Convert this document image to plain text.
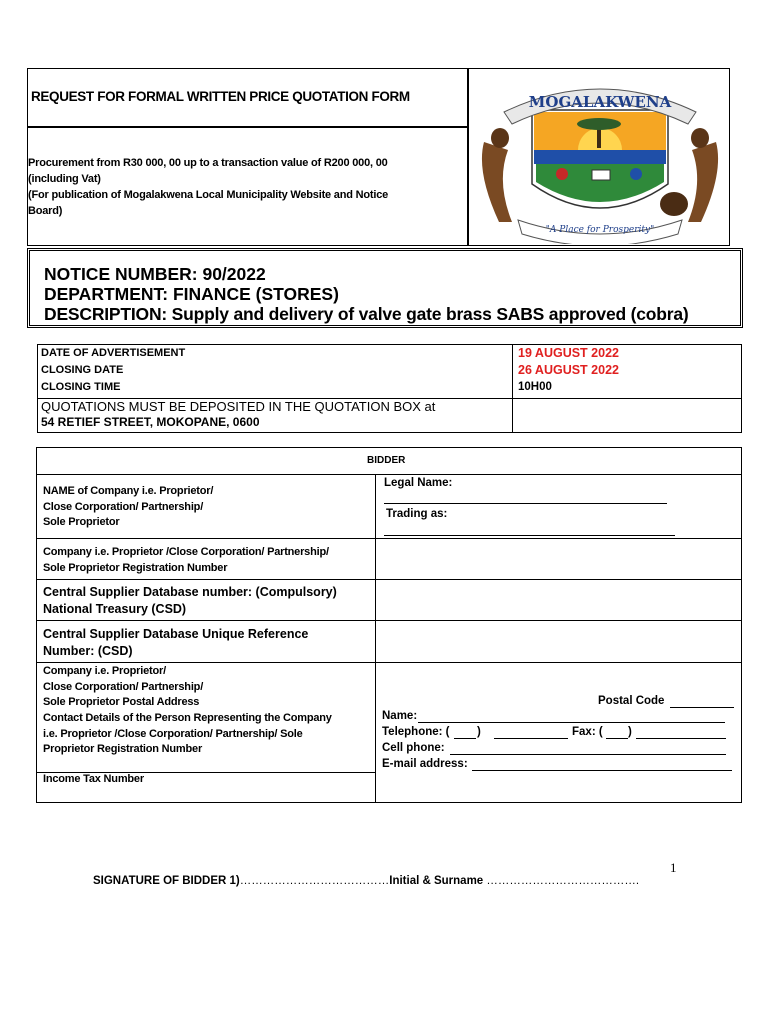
REQUEST FOR FORMAL WRITTEN PRICE QUOTATION FORM
Procurement from R30 000, 00 up to a transaction value of R200 000, 00
(including Vat)
(For publication of Mogalakwena Local Municipality Website and Notice
Board)
MOGALAKWENA
"A Place for Prosperity"
NOTICE NUMBER: 90/2022
DEPARTMENT: FINANCE (STORES)
DESCRIPTION: Supply and delivery of valve gate brass SABS approved (cobra)
DATE OF ADVERTISEMENT
CLOSING DATE
CLOSING TIME
19 AUGUST 2022
26 AUGUST 2022
10H00
QUOTATIONS MUST BE DEPOSITED IN THE QUOTATION BOX at
54 RETIEF STREET, MOKOPANE, 0600
BIDDER
NAME of Company i.e. Proprietor/
Close Corporation/ Partnership/
Sole Proprietor
Legal Name:
Trading as:
Company i.e. Proprietor /Close Corporation/ Partnership/
Sole Proprietor Registration Number
Central Supplier Database number: (Compulsory)
National Treasury (CSD)
Central Supplier Database Unique Reference
Number: (CSD)
Company i.e. Proprietor/
Close Corporation/ Partnership/
Sole Proprietor Postal Address
Contact Details of the Person Representing the Company
i.e. Proprietor /Close Corporation/ Partnership/ Sole
Proprietor Registration Number
Postal Code
Name:
Telephone: ( )	Fax: ( )
Cell phone:
E-mail address:
Income Tax Number
1
SIGNATURE OF BIDDER 1)…………………………………Initial & Surname ………………………………….
